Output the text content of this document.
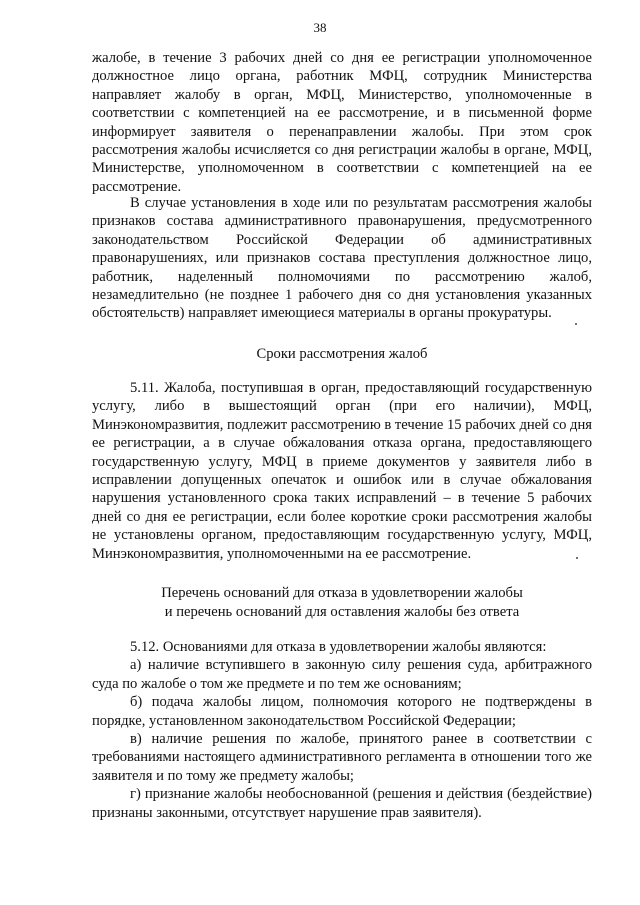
38

жалобе, в течение 3 рабочих дней со дня ее регистрации уполномоченное должностное лицо органа, работник МФЦ, сотрудник Министерства направляет жалобу в орган, МФЦ, Министерство, уполномоченные в соответствии с компетенцией на ее рассмотрение, и в письменной форме информирует заявителя о перенаправлении жалобы. При этом срок рассмотрения жалобы исчисляется со дня регистрации жалобы в органе, МФЦ, Министерстве, уполномоченном в соответствии с компетенцией на ее рассмотрение.

В случае установления в ходе или по результатам рассмотрения жалобы признаков состава административного правонарушения, предусмотренного законодательством Российской Федерации об административных правонарушениях, или признаков состава преступления должностное лицо, работник, наделенный полномочиями по рассмотрению жалоб, незамедлительно (не позднее 1 рабочего дня со дня установления указанных обстоятельств) направляет имеющиеся материалы в органы прокуратуры.

Сроки рассмотрения жалоб

5.11. Жалоба, поступившая в орган, предоставляющий государственную услугу, либо в вышестоящий орган (при его наличии), МФЦ, Минэкономразвития, подлежит рассмотрению в течение 15 рабочих дней со дня ее регистрации, а в случае обжалования отказа органа, предоставляющего государственную услугу, МФЦ в приеме документов у заявителя либо в исправлении допущенных опечаток и ошибок или в случае обжалования нарушения установленного срока таких исправлений – в течение 5 рабочих дней со дня ее регистрации, если более короткие сроки рассмотрения жалобы не установлены органом, предоставляющим государственную услугу, МФЦ, Минэкономразвития, уполномоченными на ее рассмотрение.

Перечень оснований для отказа в удовлетворении жалобы
и перечень оснований для оставления жалобы без ответа

5.12. Основаниями для отказа в удовлетворении жалобы являются:

а) наличие вступившего в законную силу решения суда, арбитражного суда по жалобе о том же предмете и по тем же основаниям;

б) подача жалобы лицом, полномочия которого не подтверждены в порядке, установленном законодательством Российской Федерации;

в) наличие решения по жалобе, принятого ранее в соответствии с требованиями настоящего административного регламента в отношении того же заявителя и по тому же предмету жалобы;

г) признание жалобы необоснованной (решения и действия (бездействие) признаны законными, отсутствует нарушение прав заявителя).
